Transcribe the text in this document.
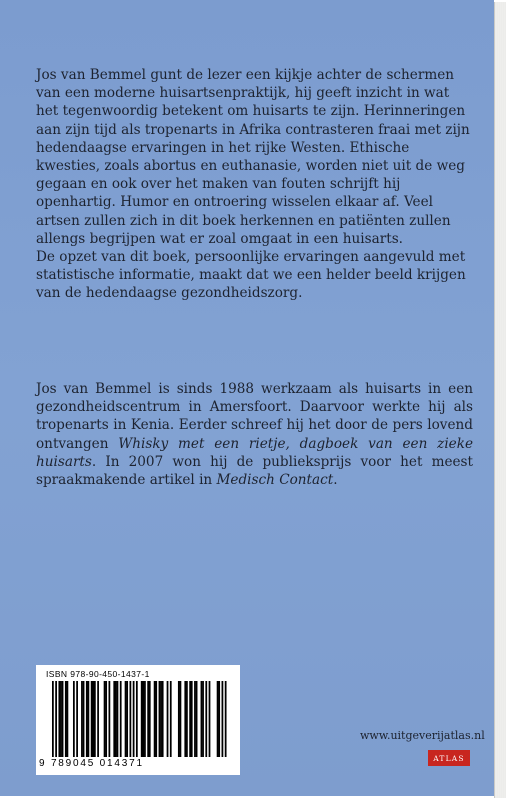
Jos van Bemmel gunt de lezer een kijkje achter de schermen van een moderne huisartsenpraktijk, hij geeft inzicht in wat het tegenwoordig betekent om huisarts te zijn. Herinneringen aan zijn tijd als tropenarts in Afrika contrasteren fraai met zijn hedendaagse ervaringen in het rijke Westen. Ethische kwesties, zoals abortus en euthanasie, worden niet uit de weg gegaan en ook over het maken van fouten schrijft hij openhartig. Humor en ontroering wisselen elkaar af. Veel artsen zullen zich in dit boek herkennen en patiënten zullen allengs begrijpen wat er zoal omgaat in een huisarts.

De opzet van dit boek, persoonlijke ervaringen aangevuld met statistische informatie, maakt dat we een helder beeld krijgen van de hedendaagse gezondheidszorg.

Jos van Bemmel is sinds 1988 werkzaam als huisarts in een gezondheidscentrum in Amersfoort. Daarvoor werkte hij als tropenarts in Kenia. Eerder schreef hij het door de pers lovend ontvangen Whisky met een rietje, dagboek van een zieke huisarts. In 2007 won hij de publieksprijs voor het meest spraakmakende artikel in Medisch Contact.

ISBN 978-90-450-1437-1
9 789045 014371
www.uitgeverijatlas.nl
ATLAS
